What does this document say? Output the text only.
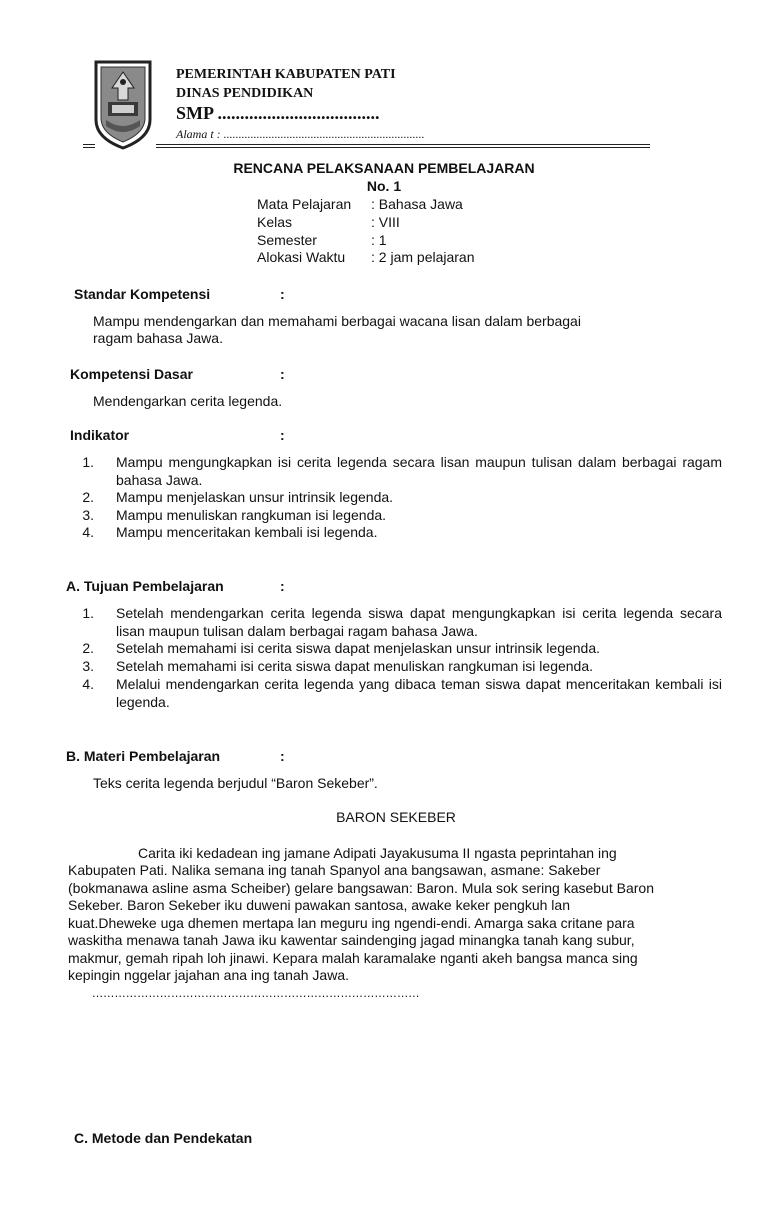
PEMERINTAH KABUPATEN PATI
DINAS PENDIDIKAN
SMP ....................................
Alama t : ...................................................................
RENCANA PELAKSANAAN PEMBELAJARAN
No. 1
Mata Pelajaran : Bahasa Jawa
Kelas	: VIII
Semester	: 1
Alokasi Waktu : 2 jam pelajaran
Standar Kompetensi	:
Mampu mendengarkan dan memahami berbagai wacana lisan dalam berbagai
ragam bahasa Jawa.
Kompetensi Dasar	:
Mendengarkan cerita legenda.
Indikator	:
1. Mampu mengungkapkan isi cerita legenda secara lisan maupun tulisan dalam berbagai ragam bahasa Jawa.
2. Mampu menjelaskan unsur intrinsik legenda.
3. Mampu menuliskan rangkuman isi legenda.
4. Mampu menceritakan kembali isi legenda.
A. Tujuan Pembelajaran	:
1. Setelah mendengarkan cerita legenda siswa dapat mengungkapkan isi cerita legenda secara lisan maupun tulisan dalam berbagai ragam bahasa Jawa.
2. Setelah memahami isi cerita siswa dapat menjelaskan unsur intrinsik legenda.
3. Setelah memahami isi cerita siswa dapat menuliskan rangkuman isi legenda.
4. Melalui mendengarkan cerita legenda yang dibaca teman siswa dapat menceritakan kembali isi legenda.
B. Materi Pembelajaran	:
Teks cerita legenda berjudul “Baron Sekeber”.
BARON SEKEBER
Carita iki kedadean ing jamane Adipati Jayakusuma II ngasta peprintahan ing
Kabupaten Pati. Nalika semana ing tanah Spanyol ana bangsawan, asmane: Sakeber
(bokmanawa asline asma Scheiber) gelare bangsawan: Baron. Mula sok sering kasebut Baron
Sekeber. Baron Sekeber iku duweni pawakan santosa, awake keker pengkuh lan
kuat.Dheweke uga dhemen mertapa lan meguru ing ngendi-endi. Amarga saka critane para
waskitha menawa tanah Jawa iku kawentar saindenging jagad minangka tanah kang subur,
makmur, gemah ripah loh jinawi. Kepara malah karamalake nganti akeh bangsa manca sing
kepingin nggelar jajahan ana ing tanah Jawa.
……………………………………………………………………………
C. Metode dan Pendekatan
